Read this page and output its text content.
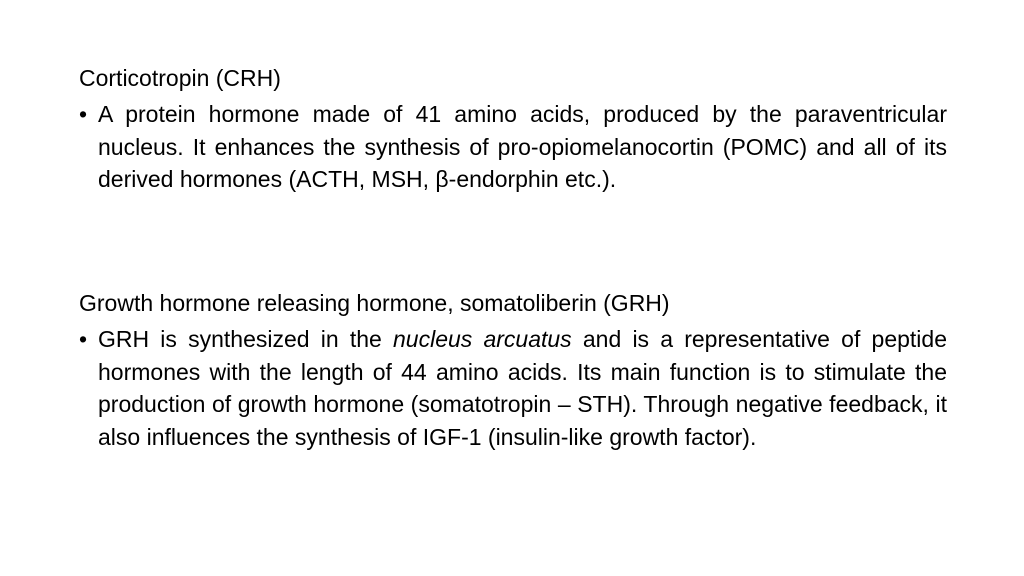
Corticotropin (CRH)
• A protein hormone made of 41 amino acids, produced by the paraventricular nucleus. It enhances the synthesis of pro-opiomelanocortin (POMC) and all of its derived hormones (ACTH, MSH, β-endorphin etc.).
Growth hormone releasing hormone, somatoliberin (GRH)
• GRH is synthesized in the nucleus arcuatus and is a representative of peptide hormones with the length of 44 amino acids. Its main function is to stimulate the production of growth hormone (somatotropin – STH). Through negative feedback, it also influences the synthesis of IGF-1 (insulin-like growth factor).
